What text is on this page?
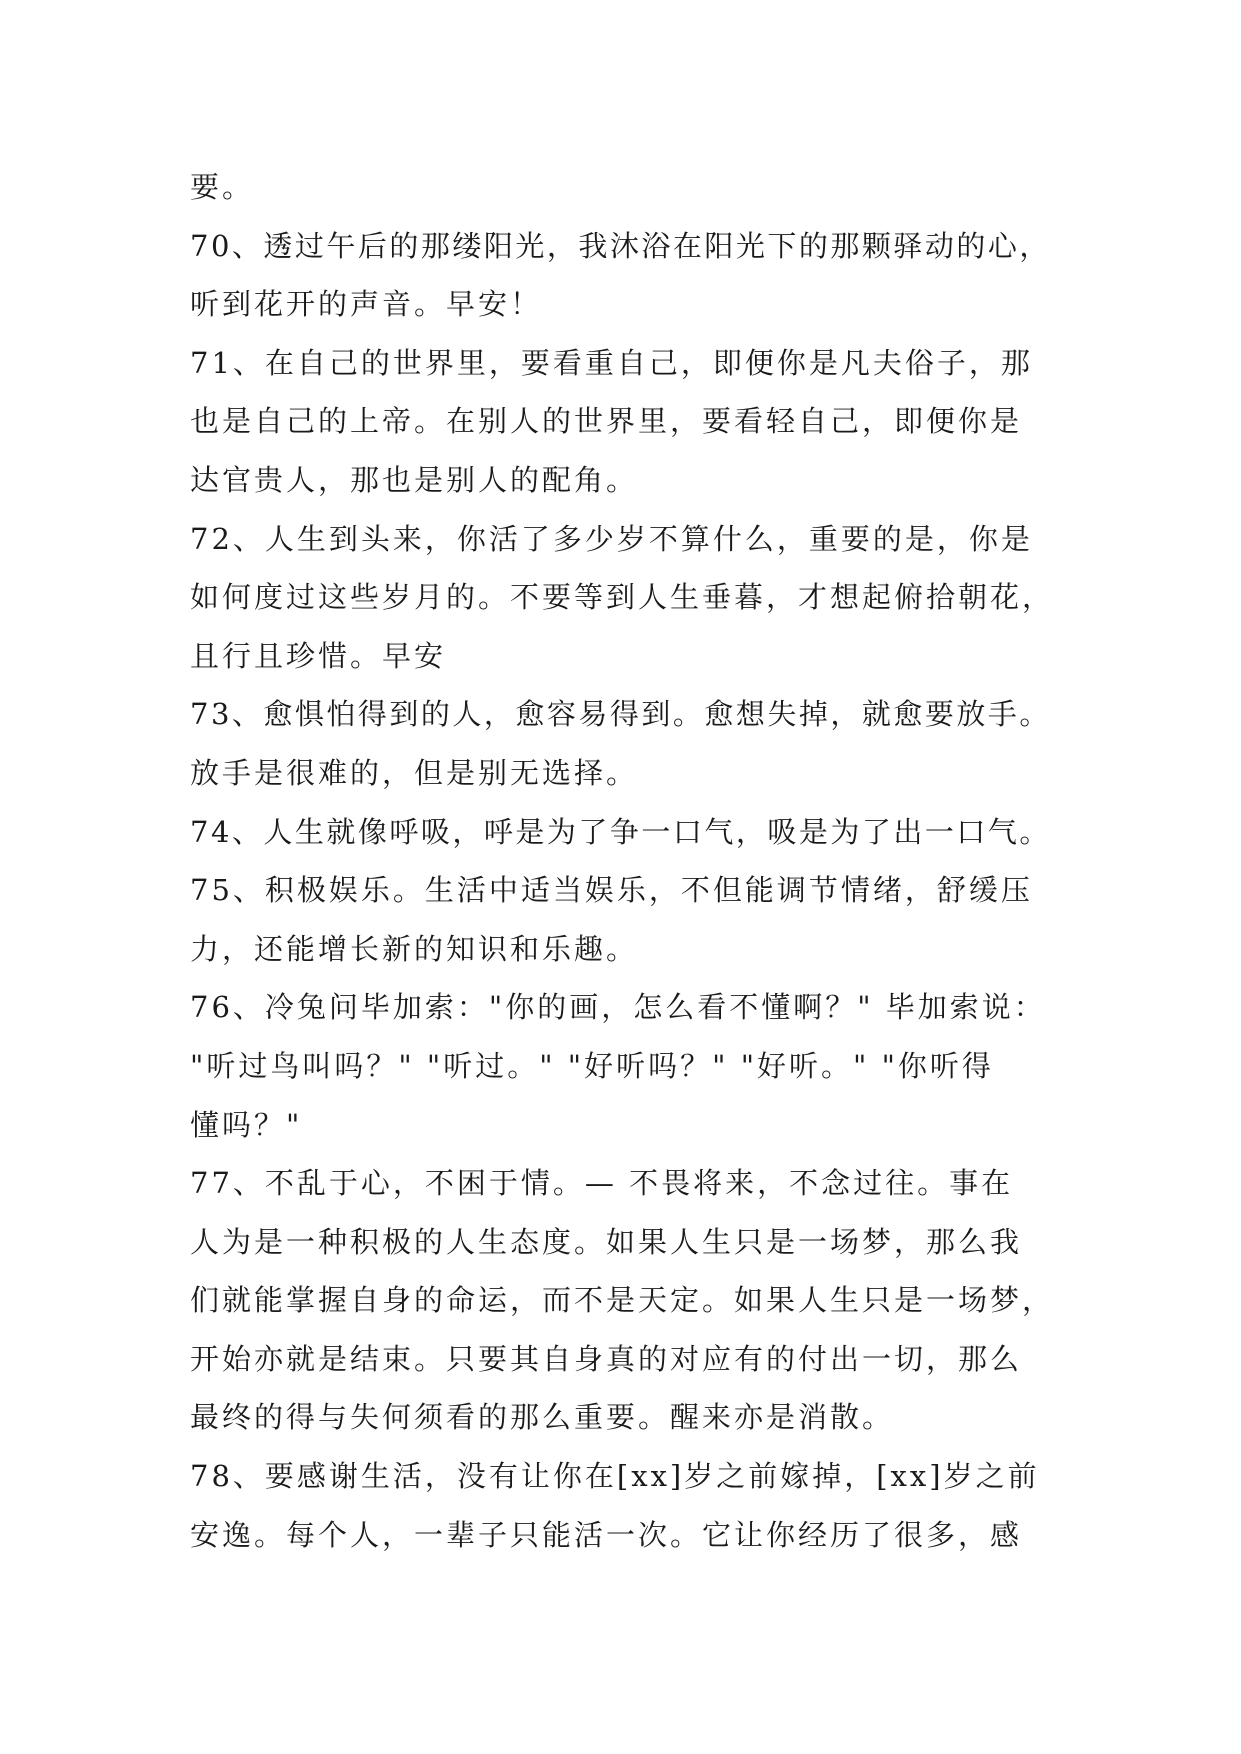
要。
70、透过午后的那缕阳光，我沐浴在阳光下的那颗驿动的心，
听到花开的声音。早安！
71、在自己的世界里，要看重自己，即便你是凡夫俗子，那
也是自己的上帝。在别人的世界里，要看轻自己，即便你是
达官贵人，那也是别人的配角。
72、人生到头来，你活了多少岁不算什么，重要的是，你是
如何度过这些岁月的。不要等到人生垂暮，才想起俯拾朝花，
且行且珍惜。早安
73、愈惧怕得到的人，愈容易得到。愈想失掉，就愈要放手。
放手是很难的，但是别无选择。
74、人生就像呼吸，呼是为了争一口气，吸是为了出一口气。
75、积极娱乐。生活中适当娱乐，不但能调节情绪，舒缓压
力，还能增长新的知识和乐趣。
76、冷兔问毕加索："你的画，怎么看不懂啊？" 毕加索说：
"听过鸟叫吗？" "听过。" "好听吗？" "好听。" "你听得
懂吗？"
77、不乱于心，不困于情。— 不畏将来，不念过往。事在
人为是一种积极的人生态度。如果人生只是一场梦，那么我
们就能掌握自身的命运，而不是天定。如果人生只是一场梦，
开始亦就是结束。只要其自身真的对应有的付出一切，那么
最终的得与失何须看的那么重要。醒来亦是消散。
78、要感谢生活，没有让你在[xx]岁之前嫁掉，[xx]岁之前
安逸。每个人，一辈子只能活一次。它让你经历了很多，感
